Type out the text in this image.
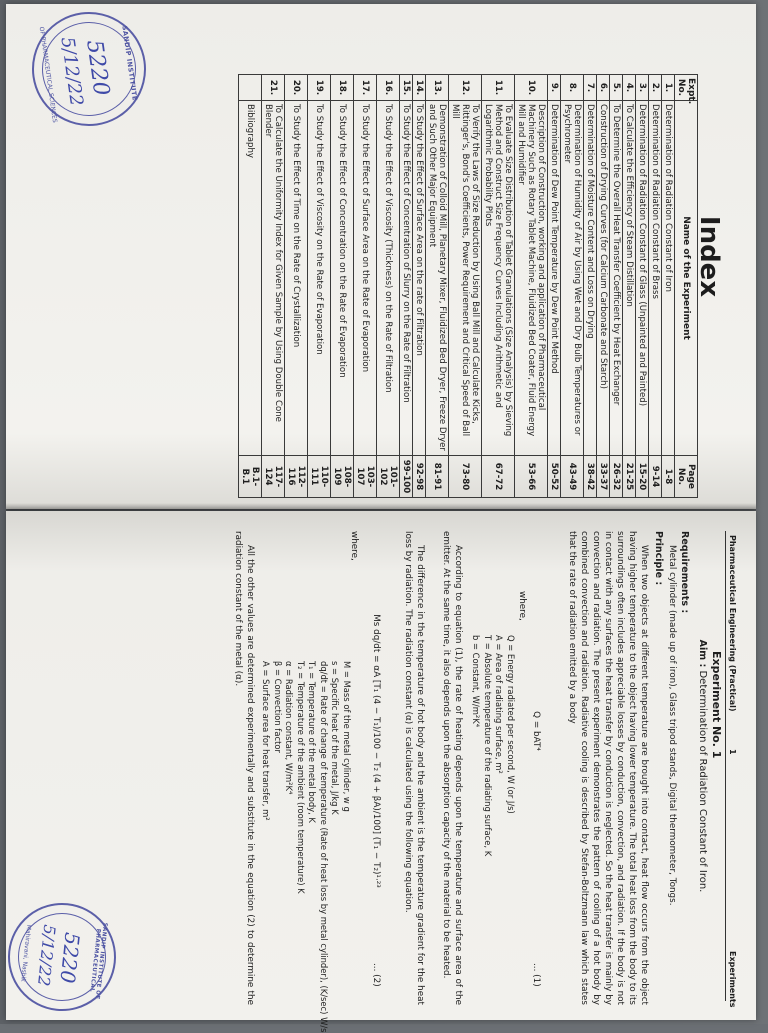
Index
Expt. No.	Name of the Experiment	Page No.
1.	Determination of Radiation Constant of Iron	1-8
2.	Determination of Radiation Constant of Brass	9-14
3.	Determination of Radiation Constant of Glass (Unpainted and Painted)	15-20
4.	To Calculate the Efficiency of Steam Distillation	21-25
5.	To Determine the Overall Heat Transfer Coefficient by Heat Exchanger	26-32
6.	Construction of Drying Curves (for Calcium Carbonate and Starch)	33-37
7.	Determination of Moisture Content and Loss on Drying	38-42
8.	Determination of Humidity of Air by Using Wet and Dry Bulb Temperatures or Psychrometer	43-49
9.	Determination of Dew Point Temperature by Dew Point Method	50-52
10.	Description of Construction, working and application of Pharmaceutical Machinery Such as Rotary Tablet Machine, Fluidized Bed Coater, Fluid Energy Mill and Humidifier	53-66
11.	To Evaluate Size Distribution of Tablet Granulations (Size Analysis) by Sieving Method and Construct Size Frequency Curves Including Arithmetic and Logarithmic Probability Plots	67-72
12.	To Verify the Laws of Size Reduction by Using Ball Mill and Calculate Kicks, Rittinger's, Bond's Coefficients, Power Requirement and Critical Speed of Ball Mill	73-80
13.	Demonstration of Colloid Mill, Planetary Mixer, Fluidized Bed Dryer, Freeze Dryer and Such Other Major Equipment	81-91
14.	To Study the Effect of Surface Area on the rate of Filtration	92-98
15.	To Study the Effect of Concentration of Slurry on the Rate of Filtration	99-100
16.	To Study the Effect of Viscosity (Thickness) on the Rate of Filtration	101-102
17.	To Study the Effect of Surface Area on the Rate of Evaporation	103-107
18.	To Study the Effect of Concentration on the Rate of Evaporation	108-109
19.	To Study the Effect of Viscosity on the Rate of Evaporation	110-111
20.	To Study the Effect of Time on the Rate of Crystallization	112-116
21.	To Calculate the Uniformity Index for Given Sample by Using Double Cone Blender	117-124
	Bibliography	B.1-B.1
SANDIP INSTITUTE
OF PHARMACEUTICAL SCIENCES 5220
5/12/22
Pharmaceutical Engineering (Practical)
1
Experiments
Experiment No. 1
Aim : Determination of Radiation Constant of Iron.
Requirements :
Metal cylinder (made up of iron), Glass tripod stands, Digital thermometer, Tongs.
Principle :
When two objects at different temperature are brought into contact, heat flow occurs from the object having higher temperature to the object having lower temperature. The total heat loss from the body to its surroundings often includes appreciable losses by conduction, convection, and radiation. If the body is not in contact with any surfaces the heat transfer by conduction is neglected. So the heat transfer is mainly by convection and radiation. The present experiment demonstrates the pattern of cooling of a hot body by combined convection and radiation. Radiative cooling is described by Stefan-Boltzmann law which states that the rate of radiation emitted by a body
Q = bAT⁴
... (1)
where,
Q = Energy radiated per second, W (or J/s)
A = Area of radiating surface, m²
T = Absolute temperature of the radiating surface, K
b = Constant, W/m²K⁴
According to equation (1), the rate of heating depends upon the temperature and surface area of the emitter. At the same time, it also depends upon the absorption capacity of the material to be heated.
The difference in the temperature of hot body and the ambient is the temperature gradient for the heat loss by radiation. The radiation constant (α) is calculated using the following equation.
Ms dq/dt = αA [T₁ (4 − T₁)/100 − T₂ (4 + βA)/100] (T₁ − T₂)¹·²³
... (2)
where,
M = Mass of the metal cylinder, w g
s = Specific heat of the metal, J/kg K
dq/dt = Rate of change of temperature (Rate of heat loss by metal cylinder), (K/sec) W/s
T₁ = Temperature of the metal body, K
T₂ = Temperature of the ambient (room temperature) K
α = Radiation constant, W/m²K⁴
β = Convection factor
A = Surface area for heat transfer, m²
All the other values are determined experimentally and substitute in the equation (2) to determine the radiation constant of the metal (α).
SANDIP INSTITUTE OF PHARMACEUTICAL
Mahiravani, Nashik 5220
5/12/22
